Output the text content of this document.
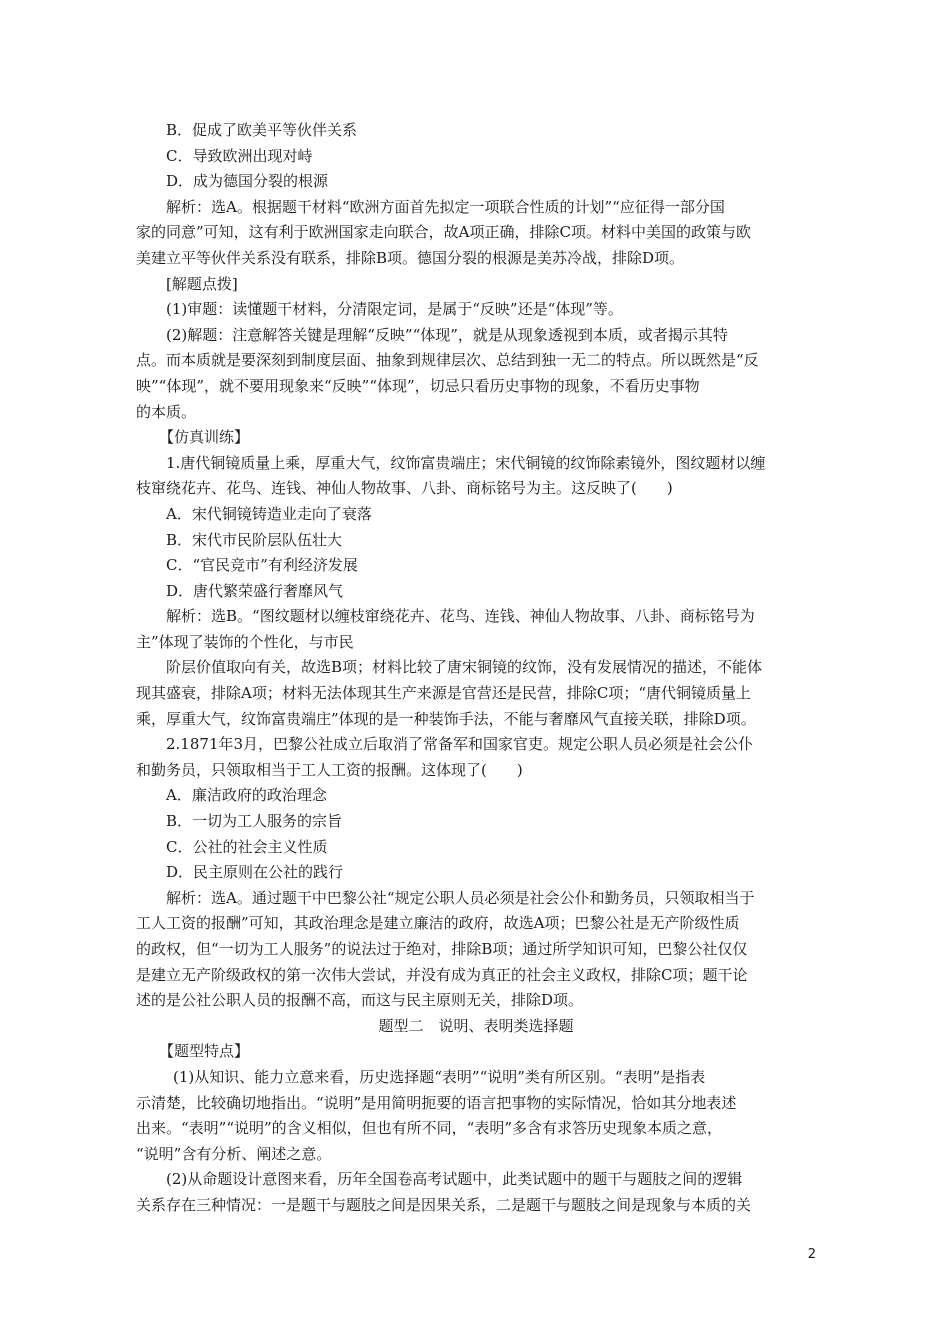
B．促成了欧美平等伙伴关系
C．导致欧洲出现对峙
D．成为德国分裂的根源
解析：选A。根据题干材料“欧洲方面首先拟定一项联合性质的计划”“应征得一部分国
家的同意”可知，这有利于欧洲国家走向联合，故A项正确，排除C项。材料中美国的政策与欧
美建立平等伙伴关系没有联系，排除B项。德国分裂的根源是美苏冷战，排除D项。
[解题点拨]
(1)审题：读懂题干材料，分清限定词，是属于“反映”还是“体现”等。
(2)解题：注意解答关键是理解“反映”“体现”，就是从现象透视到本质，或者揭示其特
点。而本质就是要深刻到制度层面、抽象到规律层次、总结到独一无二的特点。所以既然是“反
映”“体现”，就不要用现象来“反映”“体现”，切忌只看历史事物的现象，不看历史事物
的本质。
【仿真训练】
1.唐代铜镜质量上乘，厚重大气，纹饰富贵端庄；宋代铜镜的纹饰除素镜外，图纹题材以缠
枝窜绕花卉、花鸟、连钱、神仙人物故事、八卦、商标铭号为主。这反映了(　　)
A．宋代铜镜铸造业走向了衰落
B．宋代市民阶层队伍壮大
C．“官民竞市”有利经济发展
D．唐代繁荣盛行奢靡风气
解析：选B。“图纹题材以缠枝窜绕花卉、花鸟、连钱、神仙人物故事、八卦、商标铭号为
主”体现了装饰的个性化，与市民
阶层价值取向有关，故选B项；材料比较了唐宋铜镜的纹饰，没有发展情况的描述，不能体
现其盛衰，排除A项；材料无法体现其生产来源是官营还是民营，排除C项；“唐代铜镜质量上
乘，厚重大气，纹饰富贵端庄”体现的是一种装饰手法，不能与奢靡风气直接关联，排除D项。
2.1871年3月，巴黎公社成立后取消了常备军和国家官吏。规定公职人员必须是社会公仆
和勤务员，只领取相当于工人工资的报酬。这体现了(　　)
A．廉洁政府的政治理念
B．一切为工人服务的宗旨
C．公社的社会主义性质
D．民主原则在公社的践行
解析：选A。通过题干中巴黎公社“规定公职人员必须是社会公仆和勤务员，只领取相当于
工人工资的报酬”可知，其政治理念是建立廉洁的政府，故选A项；巴黎公社是无产阶级性质
的政权，但“一切为工人服务”的说法过于绝对，排除B项；通过所学知识可知，巴黎公社仅仅
是建立无产阶级政权的第一次伟大尝试，并没有成为真正的社会主义政权，排除C项；题干论
述的是公社公职人员的报酬不高，而这与民主原则无关，排除D项。
题型二　说明、表明类选择题
【题型特点】
(1)从知识、能力立意来看，历史选择题“表明”“说明”类有所区别。“表明”是指表
示清楚，比较确切地指出。“说明”是用简明扼要的语言把事物的实际情况，恰如其分地表述
出来。“表明”“说明”的含义相似，但也有所不同，“表明”多含有求答历史现象本质之意，
“说明”含有分析、阐述之意。
(2)从命题设计意图来看，历年全国卷高考试题中，此类试题中的题干与题肢之间的逻辑
关系存在三种情况：一是题干与题肢之间是因果关系，二是题干与题肢之间是现象与本质的关
2
